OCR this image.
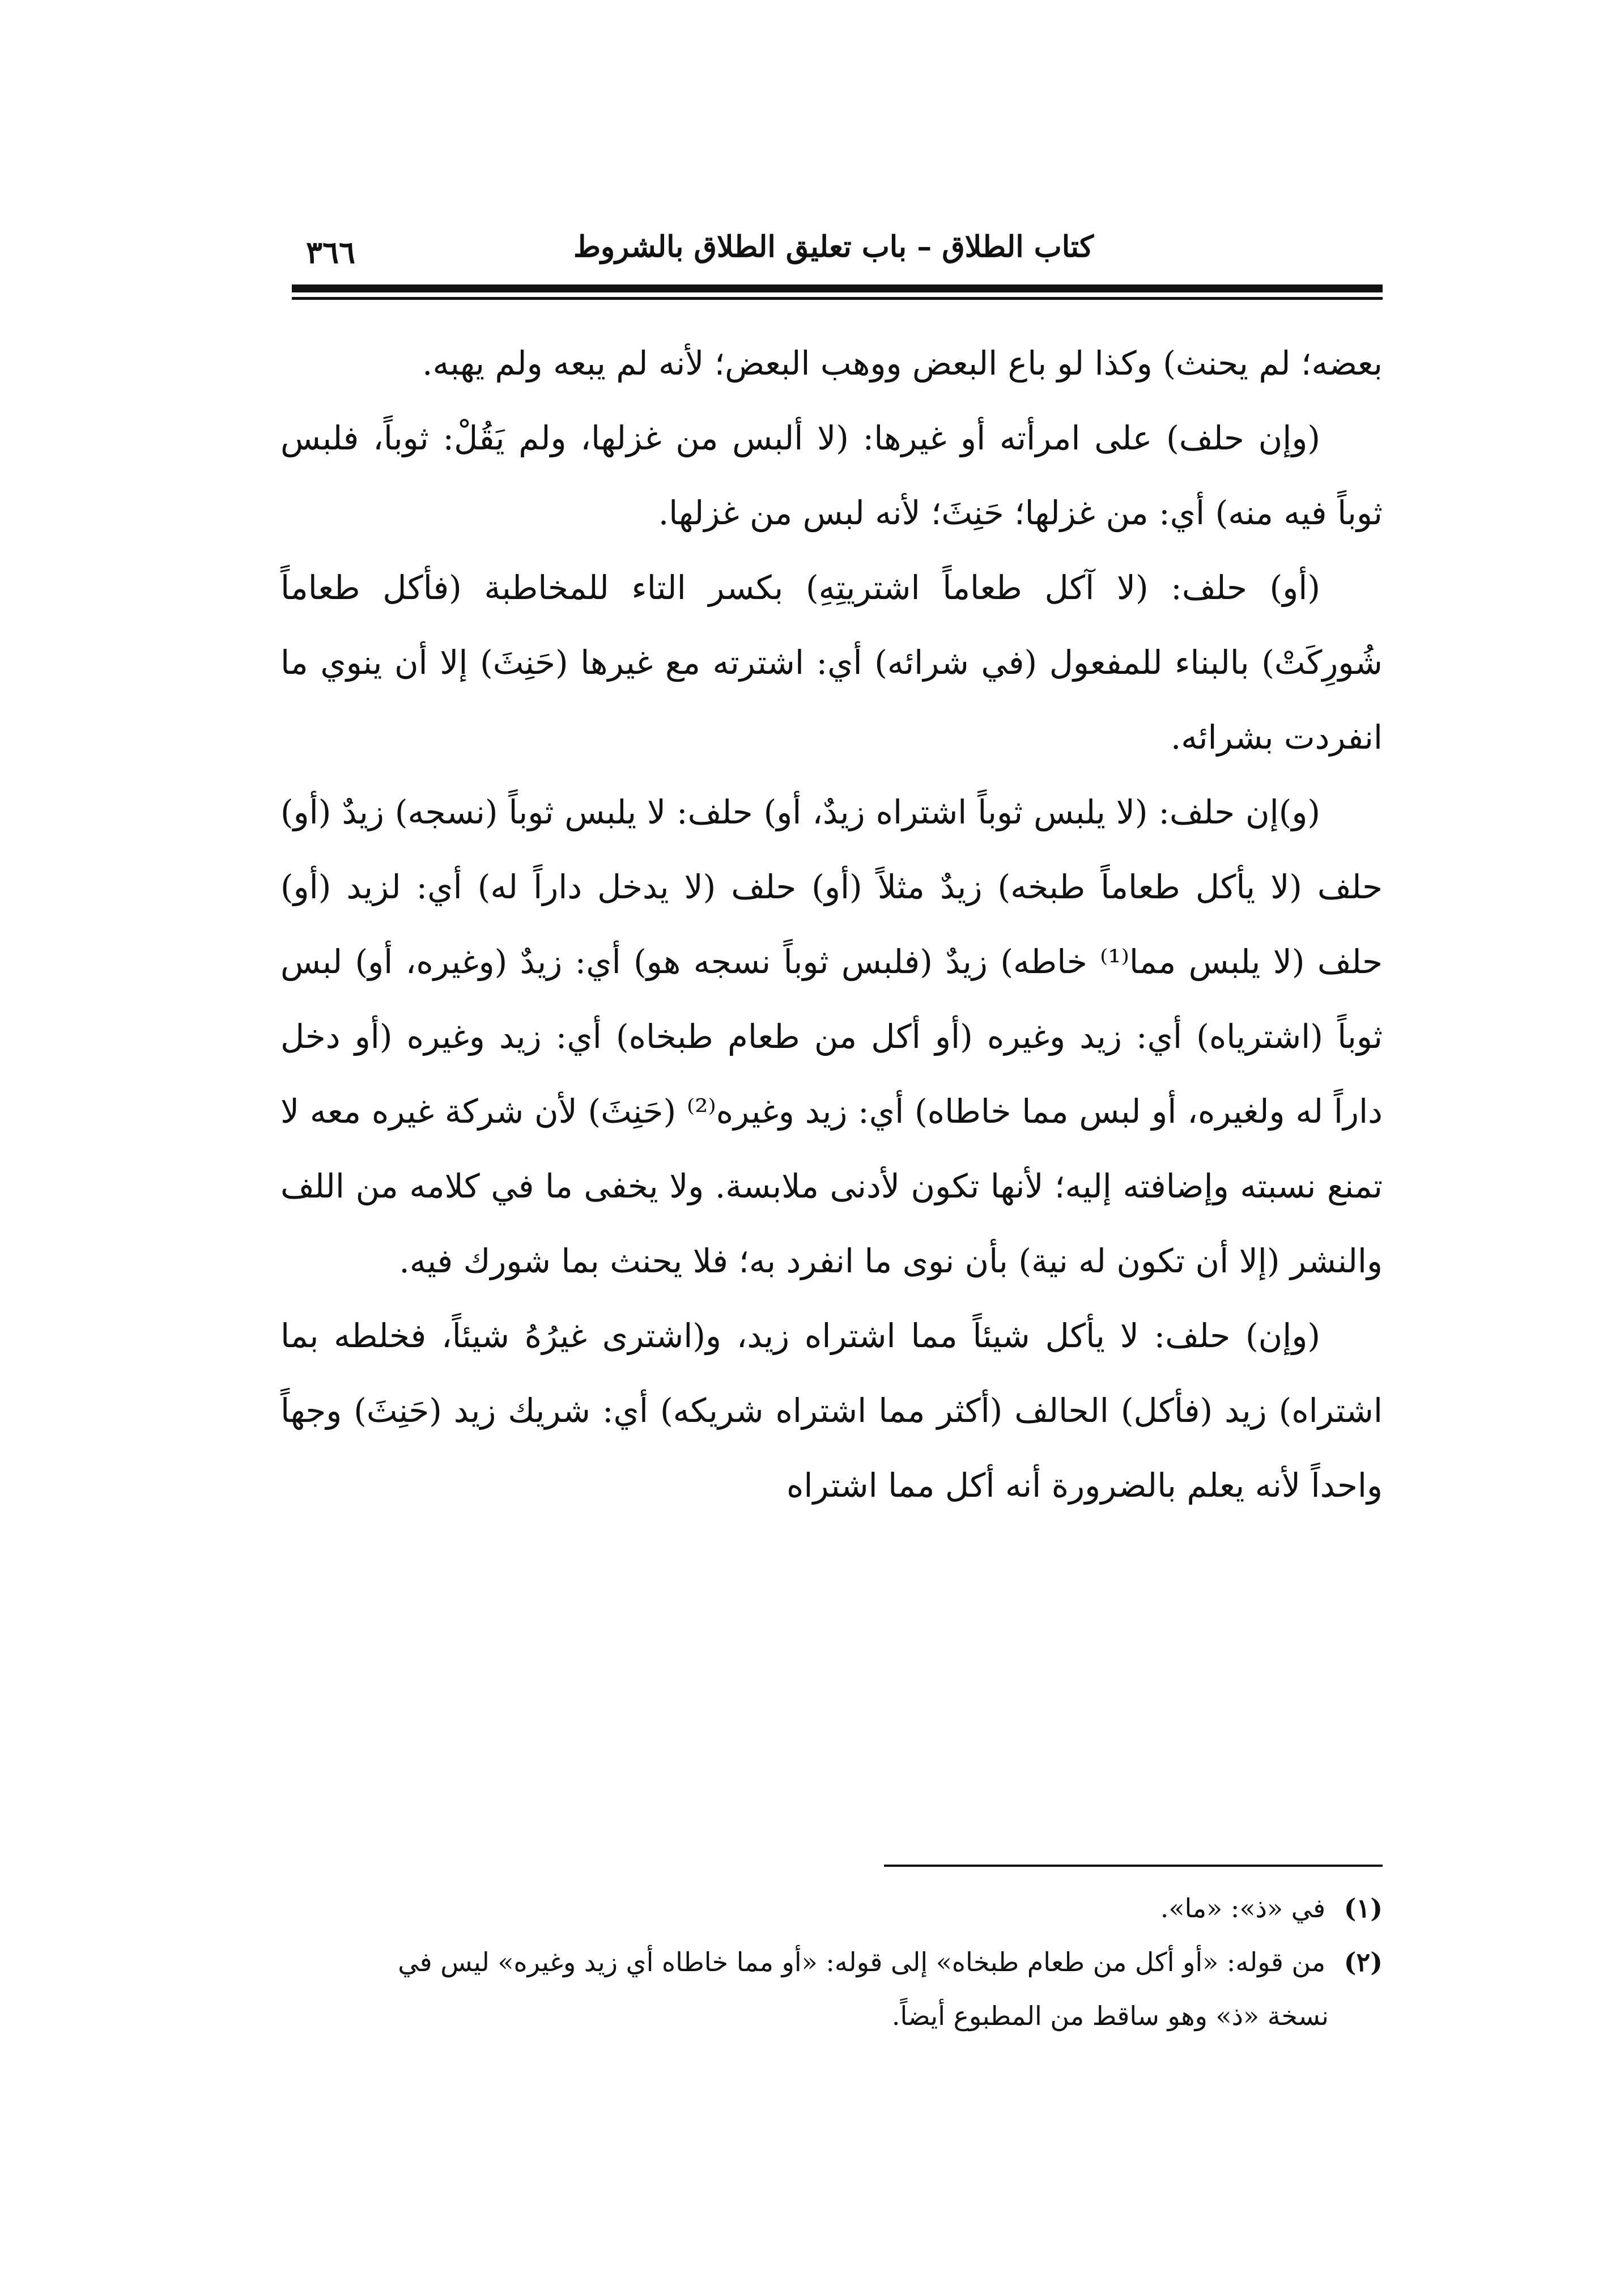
كتاب الطلاق – باب تعليق الطلاق بالشروط
٣٦٦

بعضه؛ لم يحنث) وكذا لو باع البعض ووهب البعض؛ لأنه لم يبعه ولم يهبه.

(وإن حلف) على امرأته أو غيرها: (لا ألبس من غزلها، ولم يَقُلْ: ثوباً، فلبس ثوباً فيه منه) أي: من غزلها؛ حَنِثَ؛ لأنه لبس من غزلها.

(أو) حلف: (لا آكل طعاماً اشتريتِهِ) بكسر التاء للمخاطبة (فأكل طعاماً شُورِكَتْ) بالبناء للمفعول (في شرائه) أي: اشترته مع غيرها (حَنِثَ) إلا أن ينوي ما انفردت بشرائه.

(و)إن حلف: (لا يلبس ثوباً اشتراه زيدٌ، أو) حلف: لا يلبس ثوباً (نسجه) زيدٌ (أو) حلف (لا يأكل طعاماً طبخه) زيدٌ مثلاً (أو) حلف (لا يدخل داراً له) أي: لزيد (أو) حلف (لا يلبس مما⁽¹⁾ خاطه) زيدٌ (فلبس ثوباً نسجه هو) أي: زيدٌ (وغيره، أو) لبس ثوباً (اشترياه) أي: زيد وغيره (أو أكل من طعام طبخاه) أي: زيد وغيره (أو دخل داراً له ولغيره، أو لبس مما خاطاه) أي: زيد وغيره⁽²⁾ (حَنِثَ) لأن شركة غيره معه لا تمنع نسبته وإضافته إليه؛ لأنها تكون لأدنى ملابسة. ولا يخفى ما في كلامه من اللف والنشر (إلا أن تكون له نية) بأن نوى ما انفرد به؛ فلا يحنث بما شورك فيه.

(وإن) حلف: لا يأكل شيئاً مما اشتراه زيد، و(اشترى غيرُهُ شيئاً، فخلطه بما اشتراه) زيد (فأكل) الحالف (أكثر مما اشتراه شريكه) أي: شريك زيد (حَنِثَ) وجهاً واحداً لأنه يعلم بالضرورة أنه أكل مما اشتراه

(١) في «ذ»: «ما».

(٢) من قوله: «أو أكل من طعام طبخاه» إلى قوله: «أو مما خاطاه أي زيد وغيره» ليس في

نسخة «ذ» وهو ساقط من المطبوع أيضاً.
